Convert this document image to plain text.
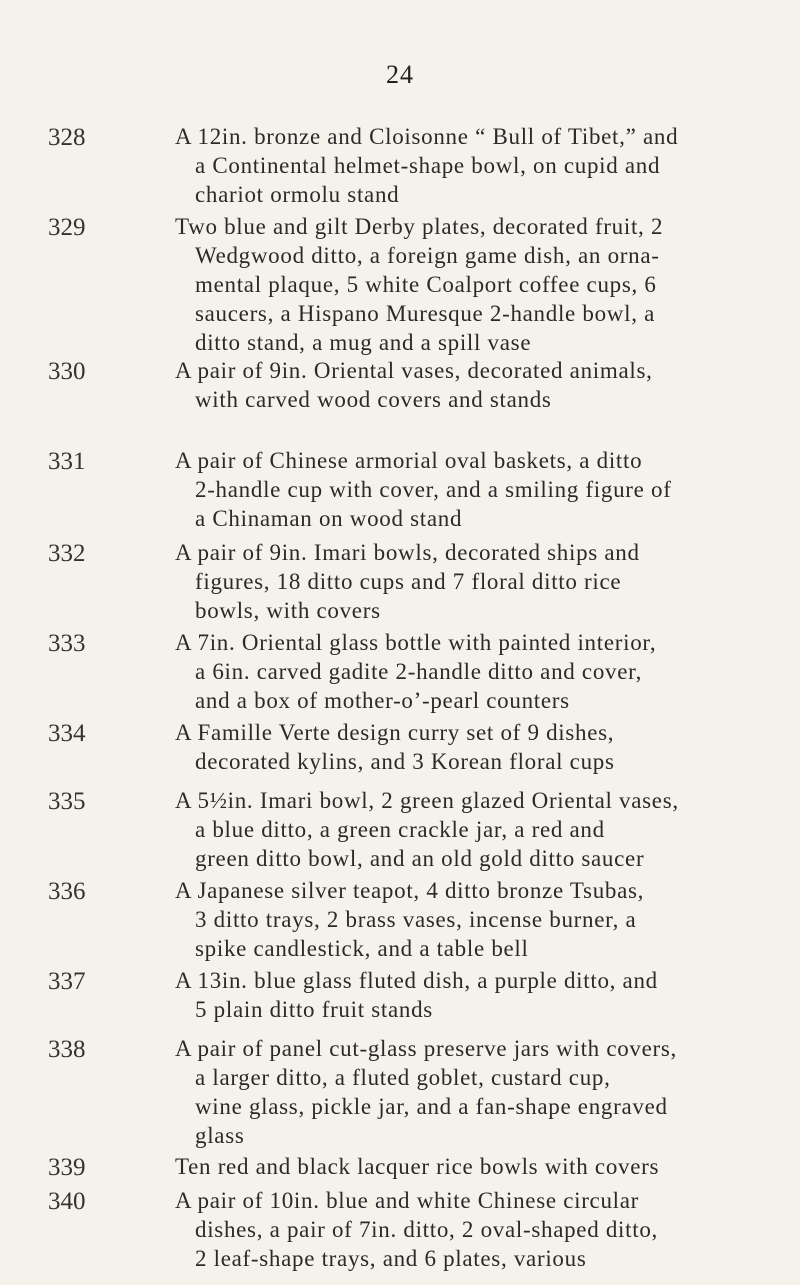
24
328	A 12in. bronze and Cloisonne “ Bull of Tibet,” and
a Continental helmet-shape bowl, on cupid and
chariot ormolu stand
329	Two blue and gilt Derby plates, decorated fruit, 2
Wedgwood ditto, a foreign game dish, an orna-
mental plaque, 5 white Coalport coffee cups, 6
saucers, a Hispano Muresque 2-handle bowl, a
ditto stand, a mug and a spill vase
330	A pair of 9in. Oriental vases, decorated animals,
with carved wood covers and stands
331	A pair of Chinese armorial oval baskets, a ditto
2-handle cup with cover, and a smiling figure of
a Chinaman on wood stand
332	A pair of 9in. Imari bowls, decorated ships and
figures, 18 ditto cups and 7 floral ditto rice
bowls, with covers
333	A 7in. Oriental glass bottle with painted interior,
a 6in. carved gadite 2-handle ditto and cover,
and a box of mother-o’-pearl counters
334	A Famille Verte design curry set of 9 dishes,
decorated kylins, and 3 Korean floral cups
335	A 5½in. Imari bowl, 2 green glazed Oriental vases,
a blue ditto, a green crackle jar, a red and
green ditto bowl, and an old gold ditto saucer
336	A Japanese silver teapot, 4 ditto bronze Tsubas,
3 ditto trays, 2 brass vases, incense burner, a
spike candlestick, and a table bell
337	A 13in. blue glass fluted dish, a purple ditto, and
5 plain ditto fruit stands
338	A pair of panel cut-glass preserve jars with covers,
a larger ditto, a fluted goblet, custard cup,
wine glass, pickle jar, and a fan-shape engraved
glass
339	Ten red and black lacquer rice bowls with covers
340	A pair of 10in. blue and white Chinese circular
dishes, a pair of 7in. ditto, 2 oval-shaped ditto,
2 leaf-shape trays, and 6 plates, various
